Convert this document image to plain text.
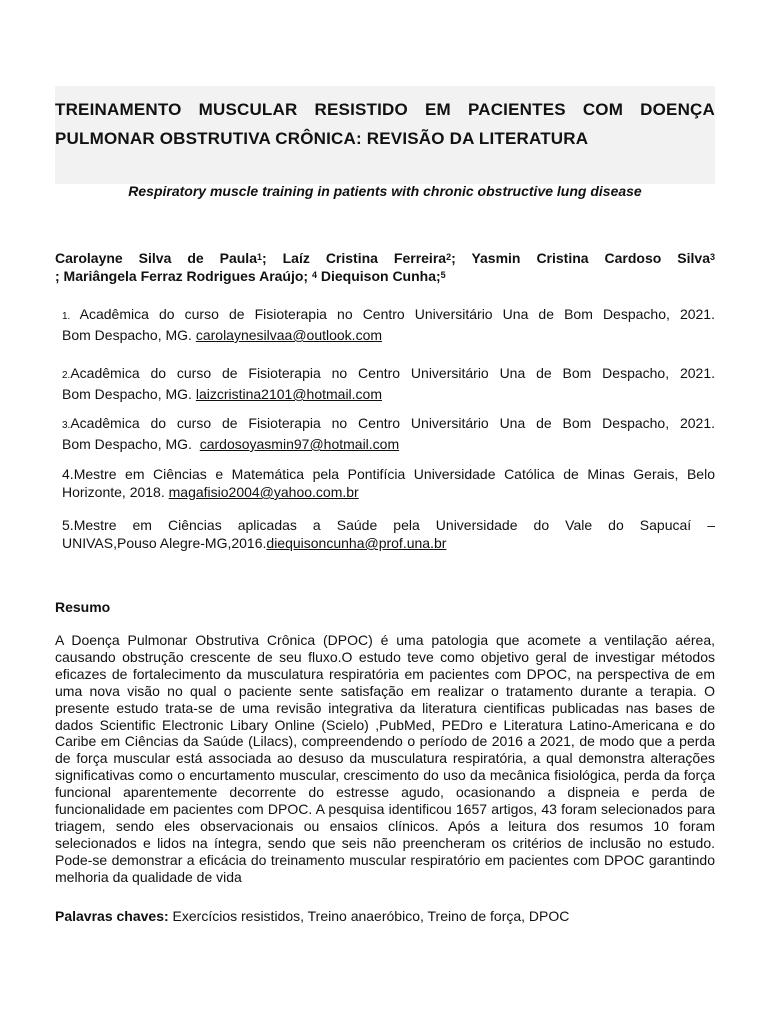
TREINAMENTO MUSCULAR RESISTIDO EM PACIENTES COM DOENÇA
PULMONAR OBSTRUTIVA CRÔNICA: REVISÃO DA LITERATURA
Respiratory muscle training in patients with chronic obstructive lung disease
Carolayne Silva de Paula$^1$; Laíz Cristina Ferreira$^2$; Yasmin Cristina Cardoso Silva$^3$
; Mariângela Ferraz Rodrigues Araújo; $^4$ Diequison Cunha;$^5$
1. Acadêmica do curso de Fisioterapia no Centro Universitário Una de Bom Despacho, 2021.
Bom Despacho, MG. carolaynesilvaa@outlook.com
2.Acadêmica do curso de Fisioterapia no Centro Universitário Una de Bom Despacho, 2021.
Bom Despacho, MG. laizcristina2101@hotmail.com
3.Acadêmica do curso de Fisioterapia no Centro Universitário Una de Bom Despacho, 2021.
Bom Despacho, MG.  cardosoyasmin97@hotmail.com
4.Mestre em Ciências e Matemática pela Pontifícia Universidade Católica de Minas Gerais, Belo
Horizonte, 2018. magafisio2004@yahoo.com.br
5.Mestre em Ciências aplicadas a Saúde pela Universidade do Vale do Sapucaí –
UNIVAS,Pouso Alegre-MG,2016.diequisoncunha@prof.una.br
Resumo
A Doença Pulmonar Obstrutiva Crônica (DPOC) é uma patologia que acomete a ventilação aérea, causando obstrução crescente de seu fluxo.O estudo teve como objetivo geral de investigar métodos eficazes de fortalecimento da musculatura respiratória em pacientes com DPOC, na perspectiva de em uma nova visão no qual o paciente sente satisfação em realizar o tratamento durante a terapia. O presente estudo trata-se de uma revisão integrativa da literatura cientificas publicadas nas bases de dados Scientific Electronic Libary Online (Scielo) ,PubMed, PEDro e Literatura Latino-Americana e do Caribe em Ciências da Saúde (Lilacs), compreendendo o período de 2016 a 2021, de modo que a perda de força muscular está associada ao desuso da musculatura respiratória, a qual demonstra alterações significativas como o encurtamento muscular, crescimento do uso da mecânica fisiológica, perda da força funcional aparentemente decorrente do estresse agudo, ocasionando a dispneia e perda de funcionalidade em pacientes com DPOC. A pesquisa identificou 1657 artigos, 43 foram selecionados para triagem, sendo eles observacionais ou ensaios clínicos. Após a leitura dos resumos 10 foram selecionados e lidos na íntegra, sendo que seis não preencheram os critérios de inclusão no estudo. Pode-se demonstrar a eficácia do treinamento muscular respiratório em pacientes com DPOC garantindo melhoria da qualidade de vida
Palavras chaves: Exercícios resistidos, Treino anaeróbico, Treino de força, DPOC
